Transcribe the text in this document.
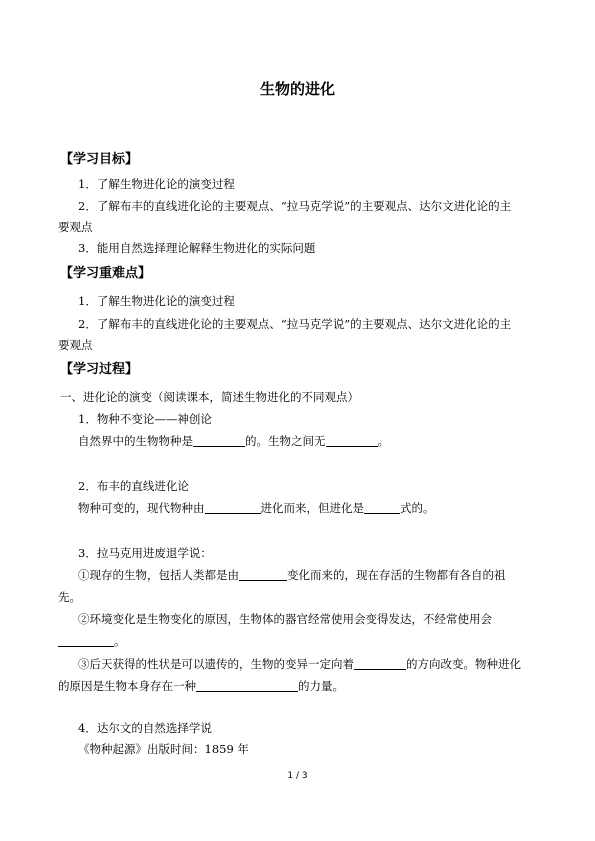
生物的进化
【学习目标】
1．了解生物进化论的演变过程
2．了解布丰的直线进化论的主要观点、“拉马克学说”的主要观点、达尔文进化论的主
要观点
3．能用自然选择理论解释生物进化的实际问题
【学习重难点】
1．了解生物进化论的演变过程
2．了解布丰的直线进化论的主要观点、“拉马克学说”的主要观点、达尔文进化论的主
要观点
【学习过程】
一、进化论的演变（阅读课本，简述生物进化的不同观点）
1．物种不变论——神创论
自然界中的生物物种是	的。生物之间无	。
2．布丰的直线进化论
物种可变的，现代物种由	进化而来，但进化是	式的。
3．拉马克用进废退学说：
①现存的生物，包括人类都是由	变化而来的，现在存活的生物都有各自的祖
先。
②环境变化是生物变化的原因，生物体的器官经常使用会变得发达，不经常使用会
。
③后天获得的性状是可以遗传的，生物的变异一定向着	的方向改变。物种进化
的原因是生物本身存在一种	的力量。
4．达尔文的自然选择学说
《物种起源》出版时间：1859 年
1 / 3
